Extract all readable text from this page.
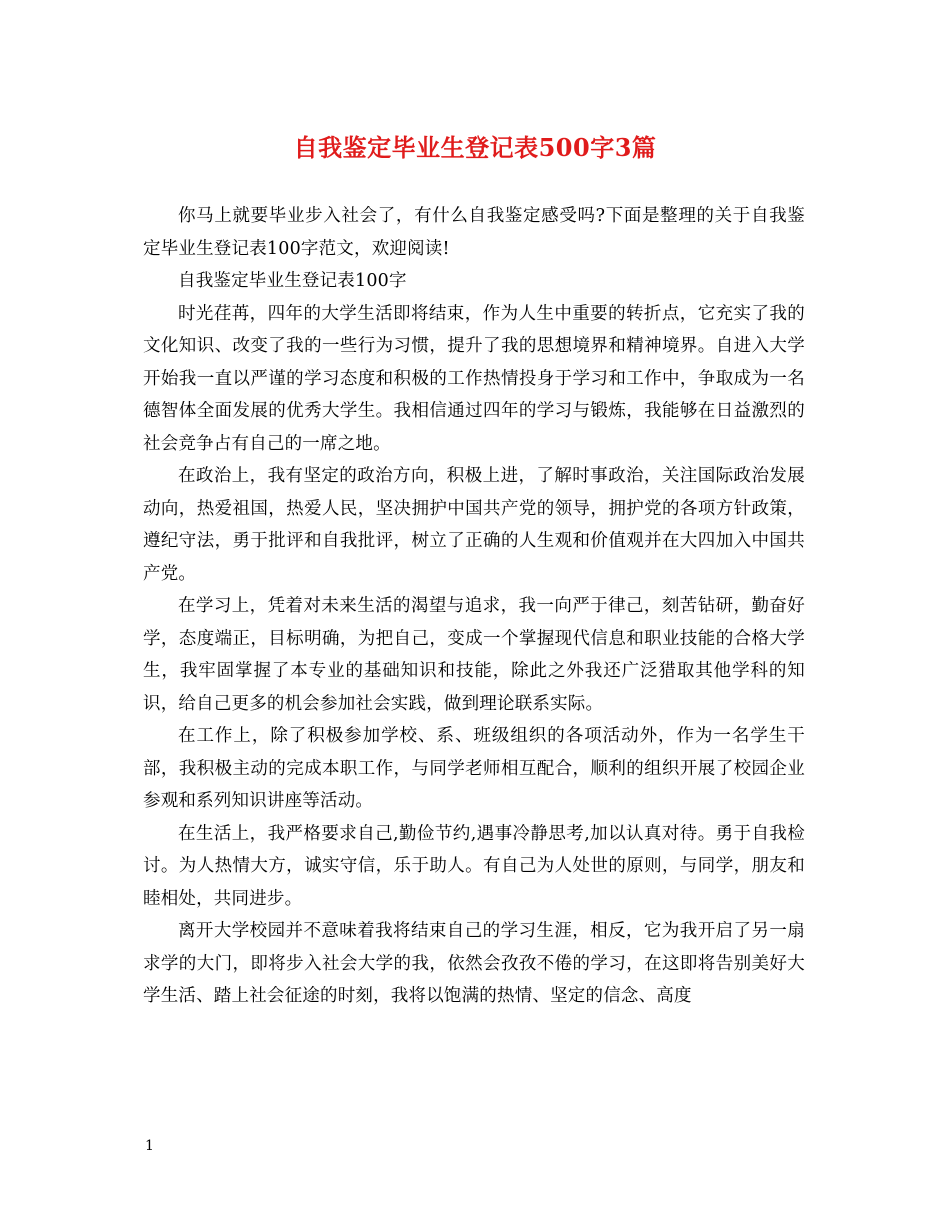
自我鉴定毕业生登记表500字3篇

你马上就要毕业步入社会了，有什么自我鉴定感受吗?下面是整理的关于自我鉴定毕业生登记表100字范文，欢迎阅读!

自我鉴定毕业生登记表100字

时光荏苒，四年的大学生活即将结束，作为人生中重要的转折点，它充实了我的文化知识、改变了我的一些行为习惯，提升了我的思想境界和精神境界。自进入大学开始我一直以严谨的学习态度和积极的工作热情投身于学习和工作中，争取成为一名德智体全面发展的优秀大学生。我相信通过四年的学习与锻炼，我能够在日益激烈的社会竞争占有自己的一席之地。

在政治上，我有坚定的政治方向，积极上进，了解时事政治，关注国际政治发展动向，热爱祖国，热爱人民，坚决拥护中国共产党的领导，拥护党的各项方针政策，遵纪守法，勇于批评和自我批评，树立了正确的人生观和价值观并在大四加入中国共产党。

在学习上，凭着对未来生活的渴望与追求，我一向严于律己，刻苦钻研，勤奋好学，态度端正，目标明确，为把自己，变成一个掌握现代信息和职业技能的合格大学生，我牢固掌握了本专业的基础知识和技能，除此之外我还广泛猎取其他学科的知识，给自己更多的机会参加社会实践，做到理论联系实际。

在工作上，除了积极参加学校、系、班级组织的各项活动外，作为一名学生干部，我积极主动的完成本职工作，与同学老师相互配合，顺利的组织开展了校园企业参观和系列知识讲座等活动。

在生活上，我严格要求自己,勤俭节约,遇事冷静思考,加以认真对待。勇于自我检讨。为人热情大方，诚实守信，乐于助人。有自己为人处世的原则，与同学，朋友和睦相处，共同进步。

离开大学校园并不意味着我将结束自己的学习生涯，相反，它为我开启了另一扇求学的大门，即将步入社会大学的我，依然会孜孜不倦的学习，在这即将告别美好大学生活、踏上社会征途的时刻，我将以饱满的热情、坚定的信念、高度

1
